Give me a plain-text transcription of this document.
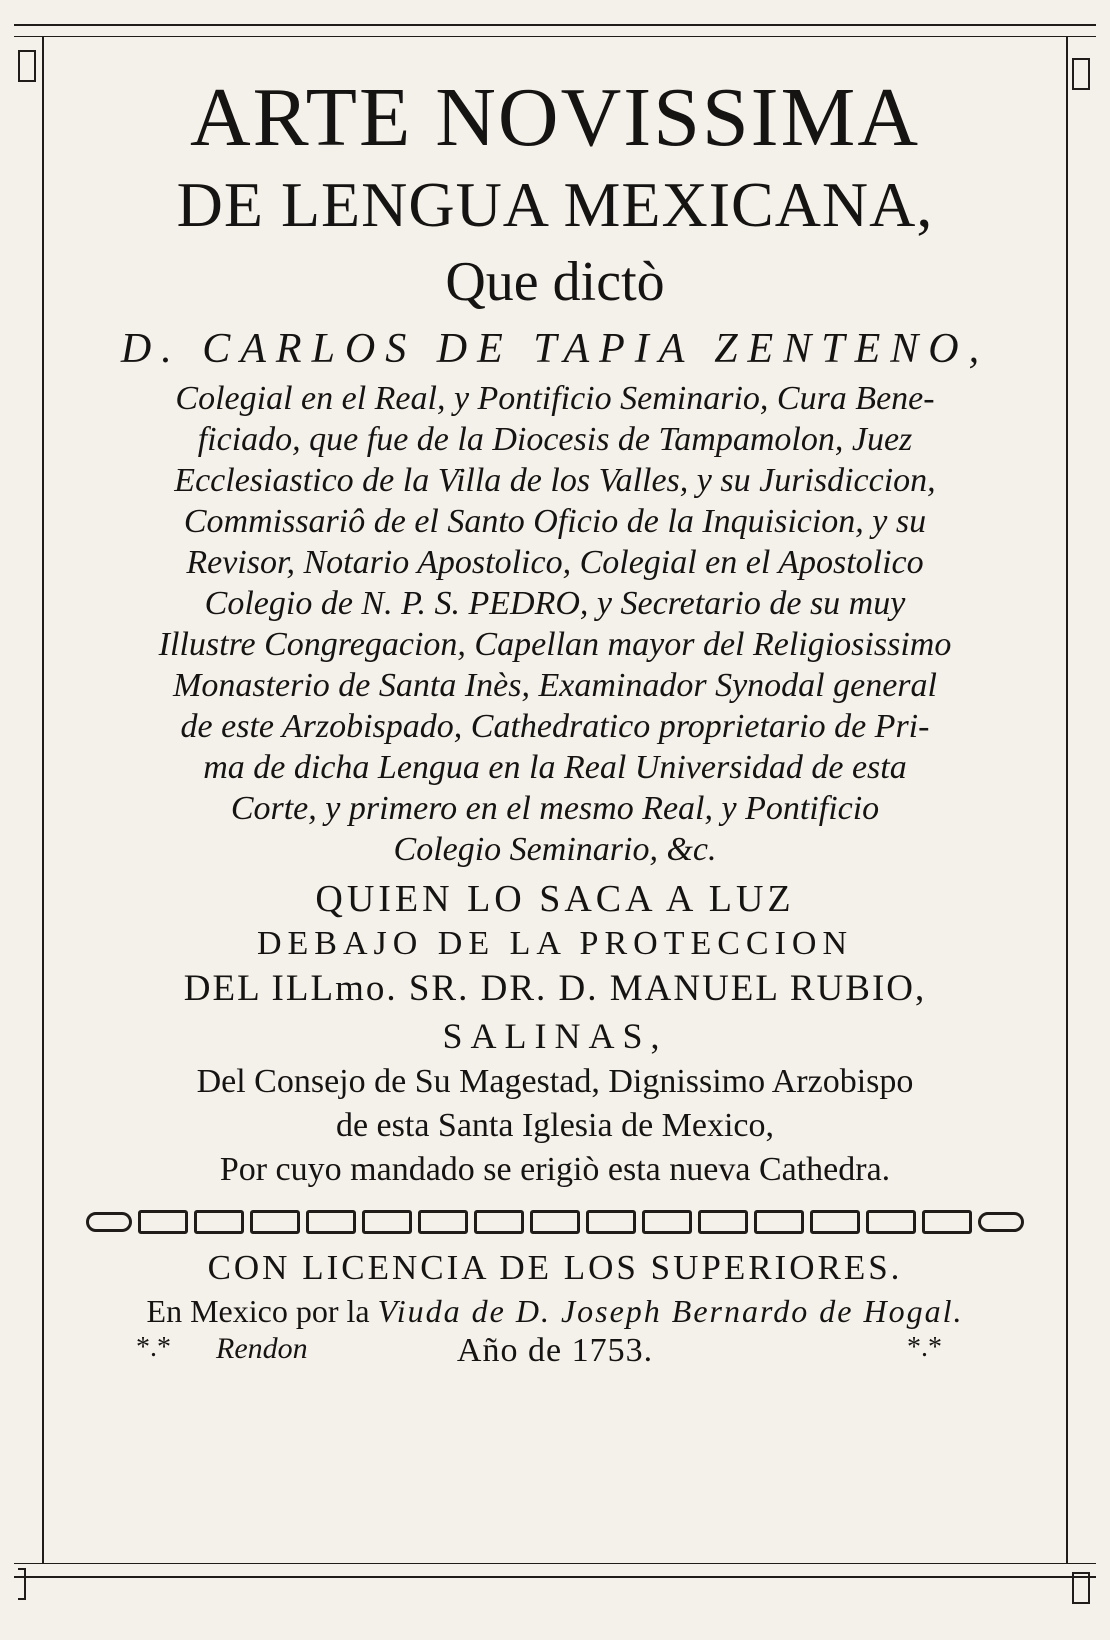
ARTE NOVISSIMA
DE LENGUA MEXICANA,
Que dictò
D. CARLOS DE TAPIA ZENTENO,
Colegial en el Real, y Pontificio Seminario, Cura Bene-
ficiado, que fue de la Diocesis de Tampamolon, Juez
Ecclesiastico de la Villa de los Valles, y su Jurisdiccion,
Commissariô de el Santo Oficio de la Inquisicion, y su
Revisor, Notario Apostolico, Colegial en el Apostolico
Colegio de N. P. S. PEDRO, y Secretario de su muy
Illustre Congregacion, Capellan mayor del Religiosissimo
Monasterio de Santa Inès, Examinador Synodal general
de este Arzobispado, Cathedratico proprietario de Pri-
ma de dicha Lengua en la Real Universidad de esta
Corte, y primero en el mesmo Real, y Pontificio
Colegio Seminario, &c.
QUIEN LO SACA A LUZ
DEBAJO DE LA PROTECCION
DEL ILLmo. SR. DR. D. MANUEL RUBIO,
SALINAS,
Del Consejo de Su Magestad, Dignissimo Arzobispo
de esta Santa Iglesia de Mexico,
Por cuyo mandado se erigiò esta nueva Cathedra.
CON LICENCIA DE LOS SUPERIORES.
En Mexico por la Viuda de D. Joseph Bernardo de Hogal.
*.* Rendon	Año de 1753.	*.*
